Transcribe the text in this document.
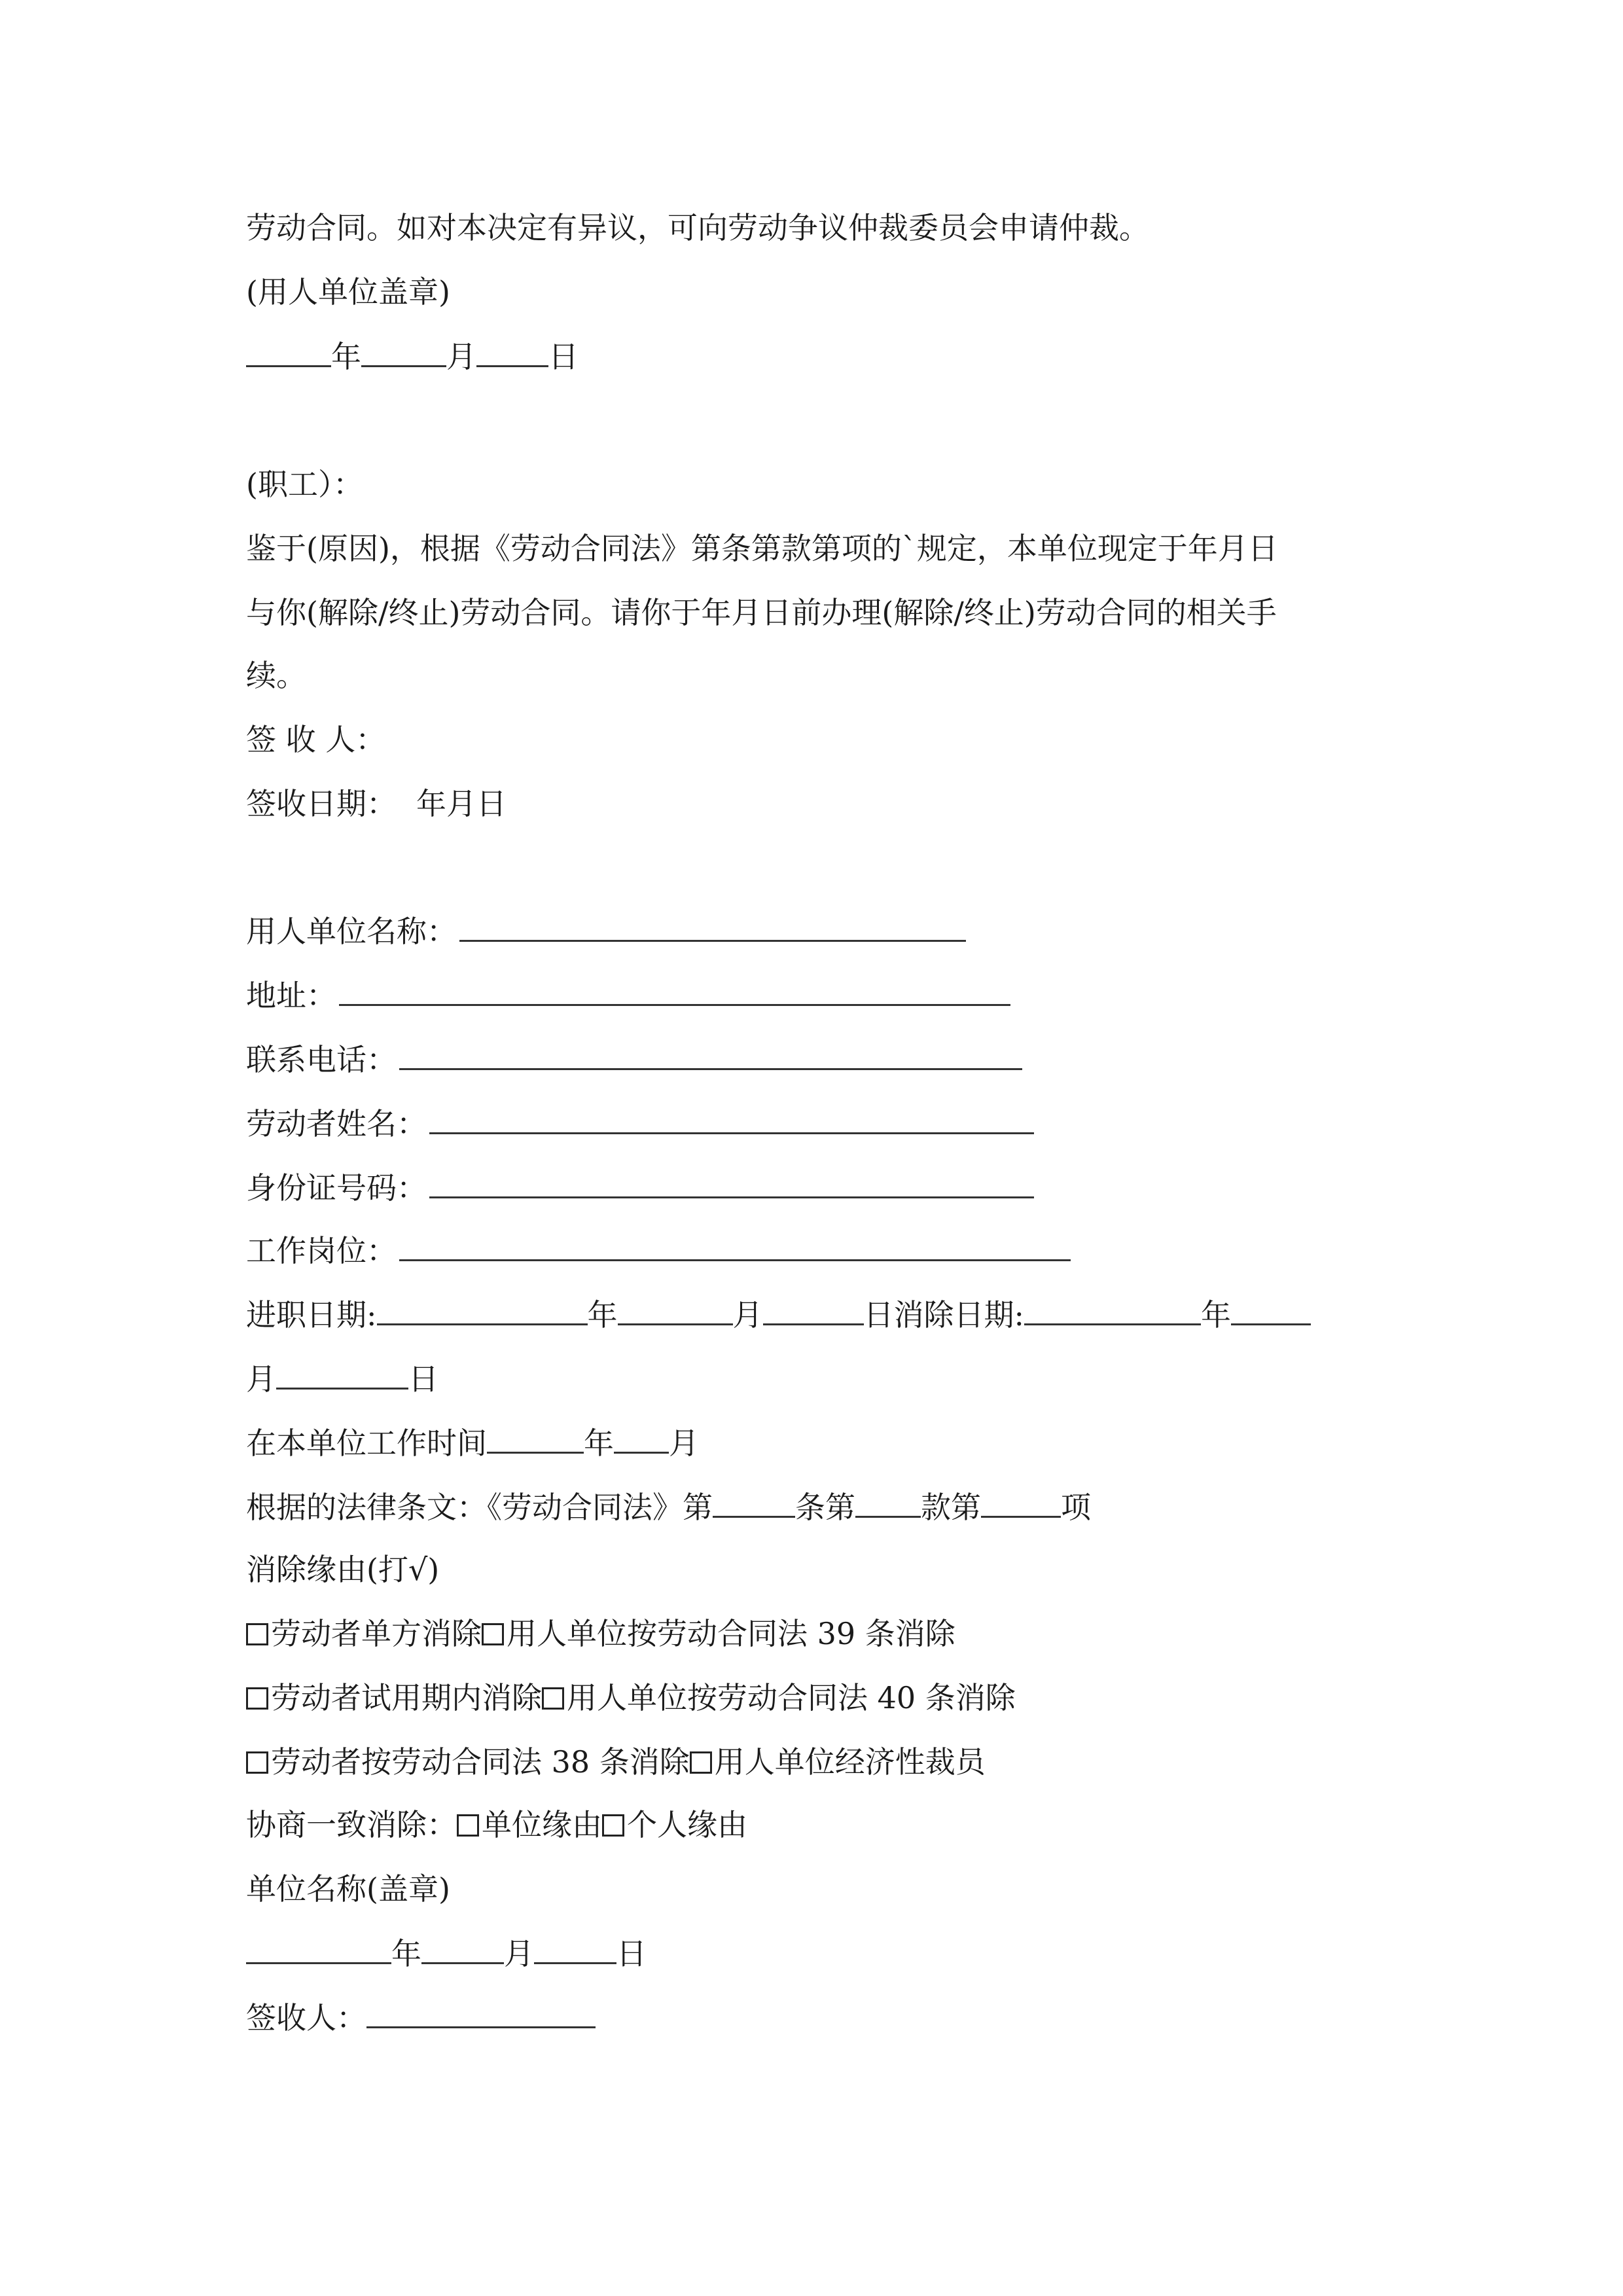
劳动合同。如对本决定有异议，可向劳动争议仲裁委员会申请仲裁。
(用人单位盖章)
年	月 日
(职工）：
鉴于(原因)，根据《劳动合同法》第条第款第项的`规定，本单位现定于年月日
与你(解除/终止)劳动合同。请你于年月日前办理(解除/终止)劳动合同的相关手
续。
签 收 人：
签收日期： 年月日
用人单位名称：
地址：
联系电话：
劳动者姓名：
身份证号码：
工作岗位：
进职日期:	年	月	日消除日期:	年
月	日
在本单位工作时间	年 月
根据的法律条文：《劳动合同法》第	条第 款第	项
消除缘由(打√)
劳动者单方消除 用人单位按劳动合同法 39 条消除
劳动者试用期内消除 用人单位按劳动合同法 40 条消除
劳动者按劳动合同法 38 条消除 用人单位经济性裁员
协商一致消除： 单位缘由 个人缘由
单位名称(盖章)
年	月	日
签收人：
